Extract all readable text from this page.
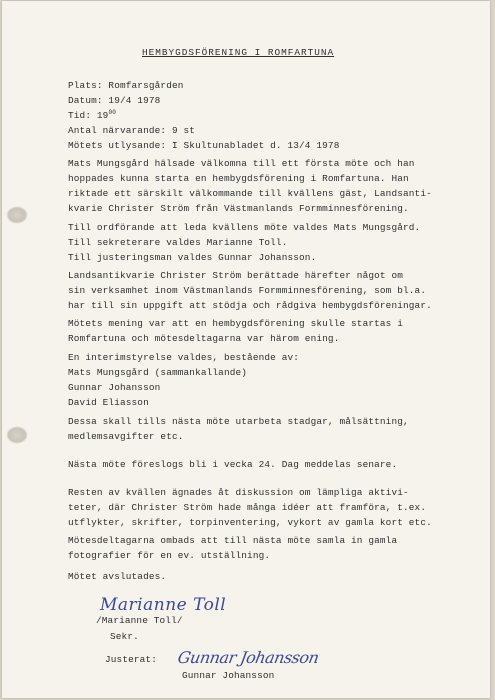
HEMBYGDSFÖRENING I ROMFARTUNA
Plats: Romfarsgården
Datum: 19/4 1978
Tid: $19^{00}$
Antal närvarande: 9 st
Mötets utlysande: I Skultunabladet d. 13/4 1978
Mats Mungsgård hälsade välkomna till ett första möte och han
hoppades kunna starta en hembygdsförening i Romfartuna. Han
riktade ett särskilt välkommande till kvällens gäst, Landsanti-
kvarie Christer Ström från Västmanlands Formminnesförening.
Till ordförande att leda kvällens möte valdes Mats Mungsgård.
Till sekreterare valdes Marianne Toll.
Till justeringsman valdes Gunnar Johansson.
Landsantikvarie Christer Ström berättade härefter något om
sin verksamhet inom Västmanlands Formminnesförening, som bl.a.
har till sin uppgift att stödja och rådgiva hembygdsföreningar.
Mötets mening var att en hembygdsförening skulle startas i
Romfartuna och mötesdeltagarna var härom ening.
En interimstyrelse valdes, bestående av:
Mats Mungsgård (sammankallande)
Gunnar Johansson
David Eliasson
Dessa skall tills nästa möte utarbeta stadgar, målsättning,
medlemsavgifter etc.
Nästa möte föreslogs bli i vecka 24. Dag meddelas senare.
Resten av kvällen ägnades åt diskussion om lämpliga aktivi-
teter, där Christer Ström hade många idéer att framföra, t.ex.
utflykter, skrifter, torpinventering, vykort av gamla kort etc.
Mötesdeltagarna ombads att till nästa möte samla in gamla
fotografier för en ev. utställning.
Mötet avslutades.
Marianne Toll
/Marianne Toll/
Sekr.
Justerat: Gunnar Johansson
Gunnar Johansson
